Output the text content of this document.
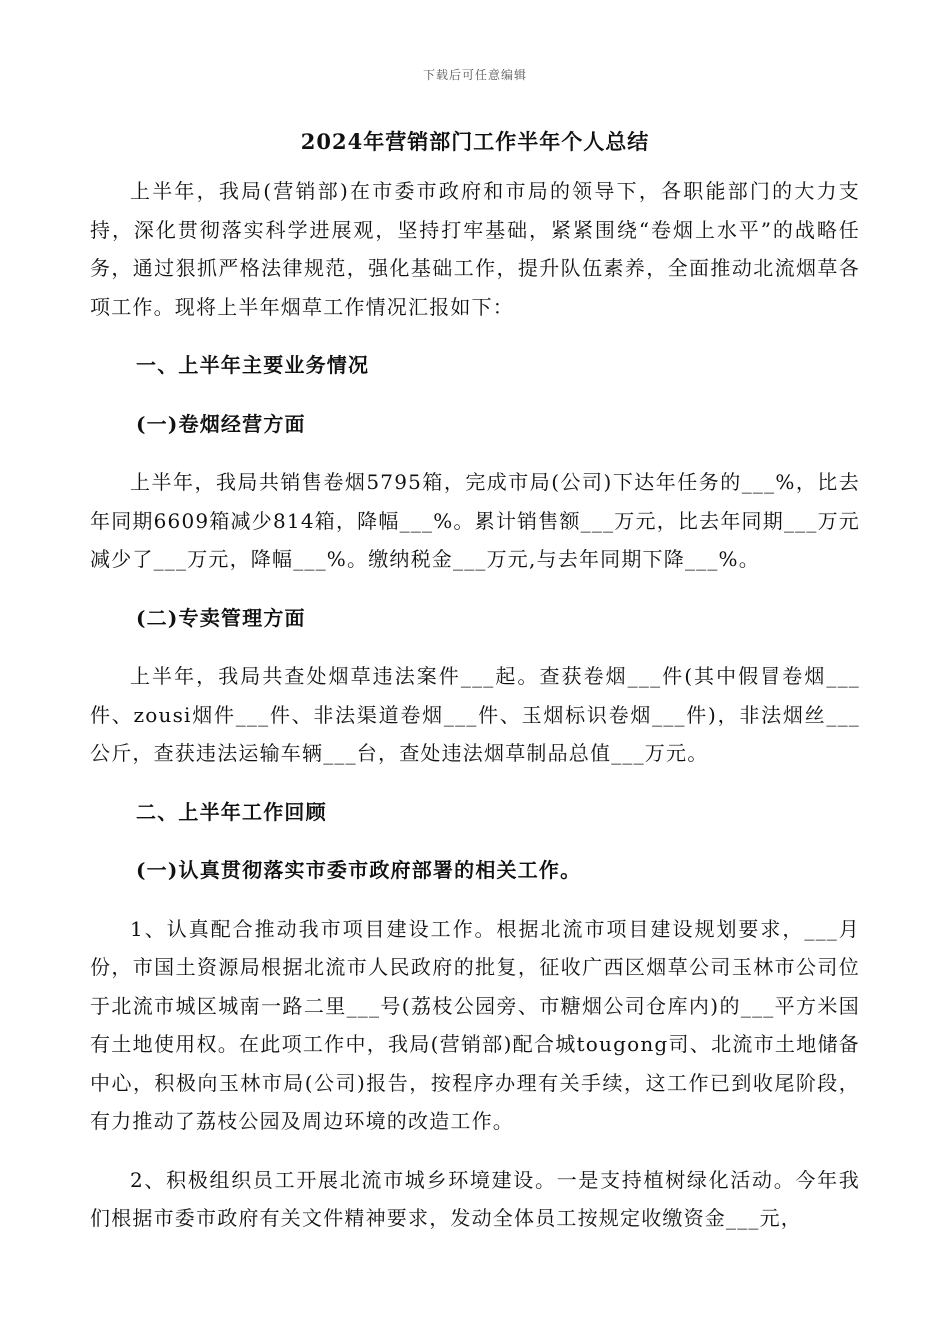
下载后可任意编辑
2024年营销部门工作半年个人总结

上半年，我局(营销部)在市委市政府和市局的领导下，各职能部门的大力支持，深化贯彻落实科学进展观，坚持打牢基础，紧紧围绕“卷烟上水平”的战略任务，通过狠抓严格法律规范，强化基础工作，提升队伍素养，全面推动北流烟草各项工作。现将上半年烟草工作情况汇报如下：

一、上半年主要业务情况

(一)卷烟经营方面

上半年，我局共销售卷烟5795箱，完成市局(公司)下达年任务的___%，比去年同期6609箱减少814箱，降幅___%。累计销售额___万元，比去年同期___万元减少了___万元，降幅___%。缴纳税金___万元,与去年同期下降___%。

(二)专卖管理方面

上半年，我局共查处烟草违法案件___起。查获卷烟___件(其中假冒卷烟___件、zousi烟件___件、非法渠道卷烟___件、玉烟标识卷烟___件)，非法烟丝___公斤，查获违法运输车辆___台，查处违法烟草制品总值___万元。

二、上半年工作回顾

(一)认真贯彻落实市委市政府部署的相关工作。

1、认真配合推动我市项目建设工作。根据北流市项目建设规划要求，___月份，市国土资源局根据北流市人民政府的批复，征收广西区烟草公司玉林市公司位于北流市城区城南一路二里___号(荔枝公园旁、市糖烟公司仓库内)的___平方米国有土地使用权。在此项工作中，我局(营销部)配合城tougong司、北流市土地储备中心，积极向玉林市局(公司)报告，按程序办理有关手续，这工作已到收尾阶段，有力推动了荔枝公园及周边环境的改造工作。

2、积极组织员工开展北流市城乡环境建设。一是支持植树绿化活动。今年我们根据市委市政府有关文件精神要求，发动全体员工按规定收缴资金___元，
